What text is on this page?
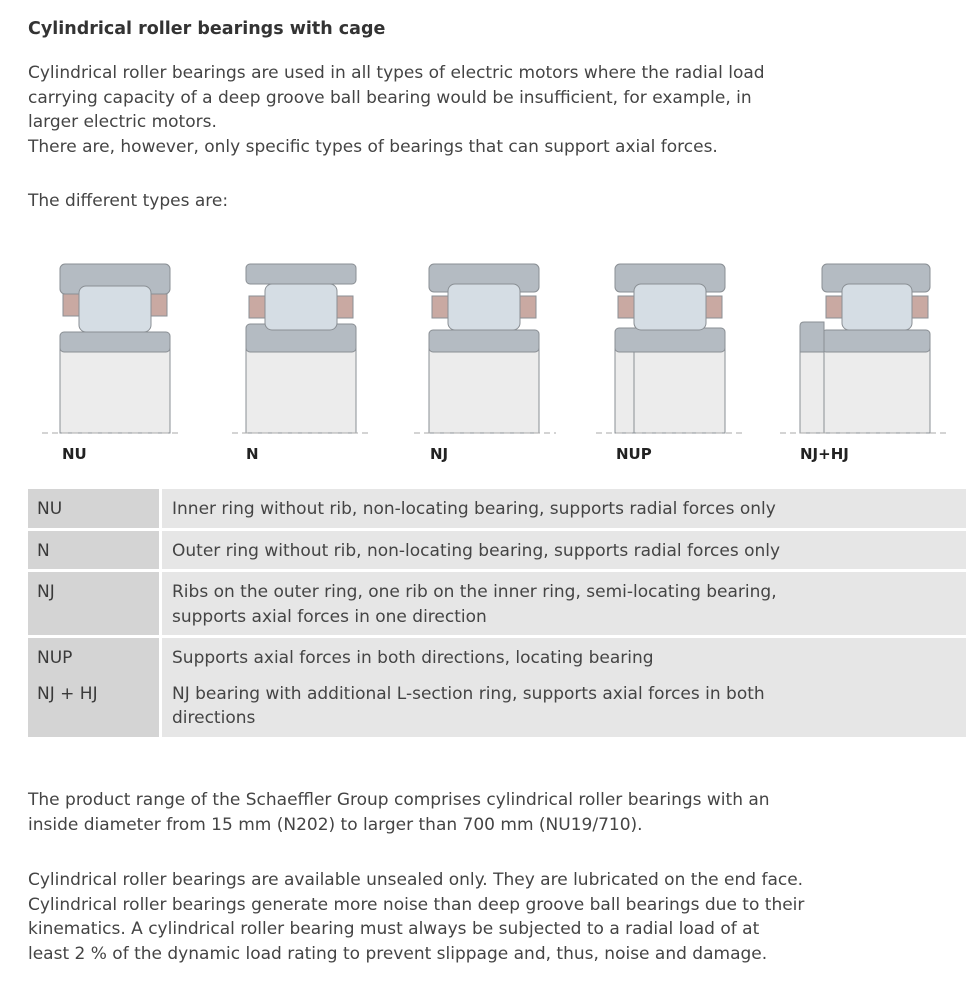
Cylindrical roller bearings with cage

Cylindrical roller bearings are used in all types of electric motors where the radial load
carrying capacity of a deep groove ball bearing would be insufficient, for example, in
larger electric motors.
There are, however, only specific types of bearings that can support axial forces.

The different types are:

NU	N	NJ	NUP	NJ+HJ
NU	Inner ring without rib, non-locating bearing, supports radial forces only

N	Outer ring without rib, non-locating bearing, supports radial forces only

NJ	Ribs on the outer ring, one rib on the inner ring, semi-locating bearing,
supports axial forces in one direction

NUP	Supports axial forces in both directions, locating bearing

NJ + HJ	NJ bearing with additional L-section ring, supports axial forces in both
directions

The product range of the Schaeffler Group comprises cylindrical roller bearings with an
inside diameter from 15 mm (N202) to larger than 700 mm (NU19/710).

Cylindrical roller bearings are available unsealed only. They are lubricated on the end face.
Cylindrical roller bearings generate more noise than deep groove ball bearings due to their
kinematics. A cylindrical roller bearing must always be subjected to a radial load of at
least 2 % of the dynamic load rating to prevent slippage and, thus, noise and damage.
